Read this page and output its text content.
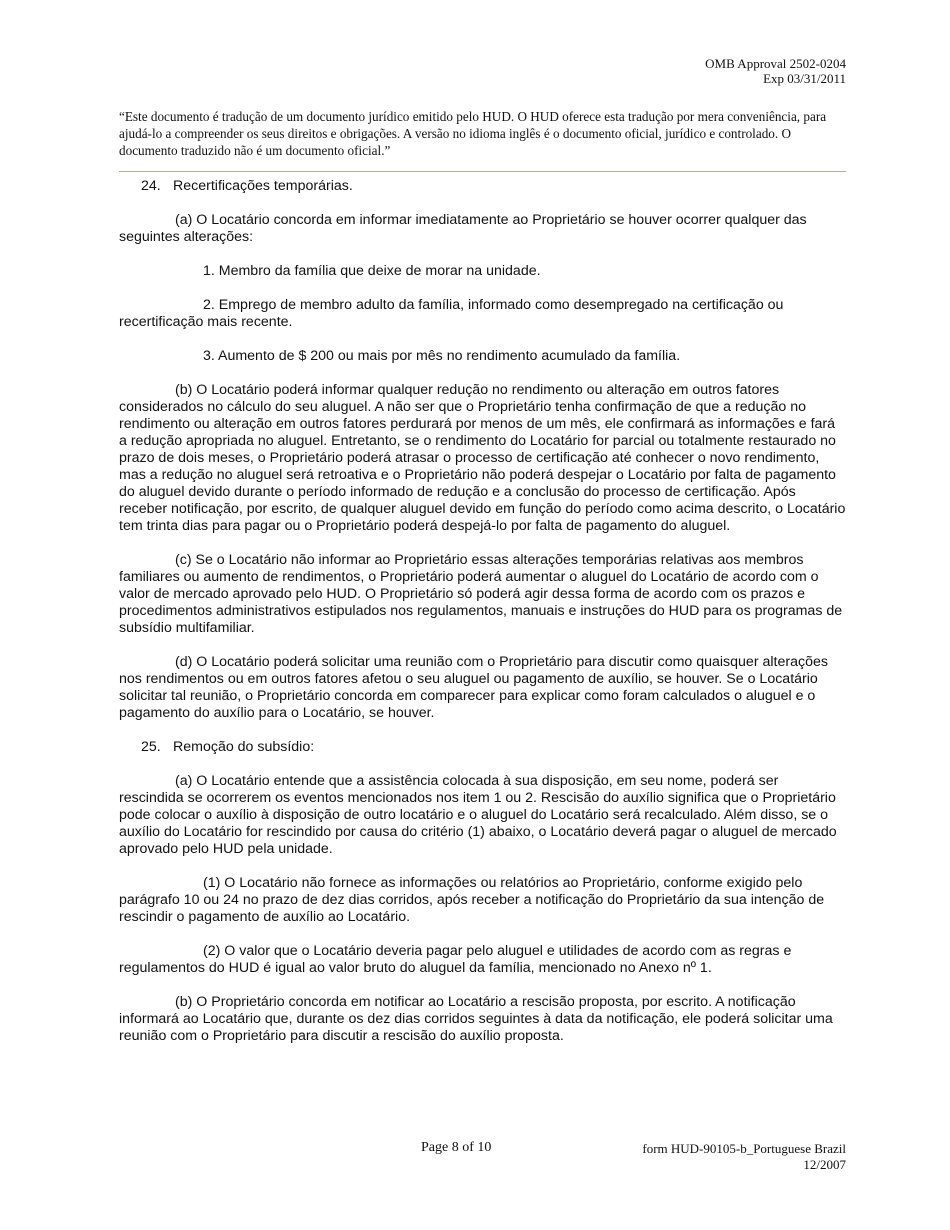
OMB Approval 2502-0204
Exp 03/31/2011
“Este documento é tradução de um documento jurídico emitido pelo HUD. O HUD oferece esta tradução por mera conveniência, para ajudá-lo a compreender os seus direitos e obrigações. A versão no idioma inglês é o documento oficial, jurídico e controlado. O documento traduzido não é um documento oficial.”

24. Recertificações temporárias.

(a) O Locatário concorda em informar imediatamente ao Proprietário se houver ocorrer qualquer das seguintes alterações:

1. Membro da família que deixe de morar na unidade.

2. Emprego de membro adulto da família, informado como desempregado na certificação ou recertificação mais recente.

3. Aumento de $ 200 ou mais por mês no rendimento acumulado da família.

(b) O Locatário poderá informar qualquer redução no rendimento ou alteração em outros fatores considerados no cálculo do seu aluguel. A não ser que o Proprietário tenha confirmação de que a redução no rendimento ou alteração em outros fatores perdurará por menos de um mês, ele confirmará as informações e fará a redução apropriada no aluguel. Entretanto, se o rendimento do Locatário for parcial ou totalmente restaurado no prazo de dois meses, o Proprietário poderá atrasar o processo de certificação até conhecer o novo rendimento, mas a redução no aluguel será retroativa e o Proprietário não poderá despejar o Locatário por falta de pagamento do aluguel devido durante o período informado de redução e a conclusão do processo de certificação. Após receber notificação, por escrito, de qualquer aluguel devido em função do período como acima descrito, o Locatário tem trinta dias para pagar ou o Proprietário poderá despejá-lo por falta de pagamento do aluguel.

(c) Se o Locatário não informar ao Proprietário essas alterações temporárias relativas aos membros familiares ou aumento de rendimentos, o Proprietário poderá aumentar o aluguel do Locatário de acordo com o valor de mercado aprovado pelo HUD. O Proprietário só poderá agir dessa forma de acordo com os prazos e procedimentos administrativos estipulados nos regulamentos, manuais e instruções do HUD para os programas de subsídio multifamiliar.

(d) O Locatário poderá solicitar uma reunião com o Proprietário para discutir como quaisquer alterações nos rendimentos ou em outros fatores afetou o seu aluguel ou pagamento de auxílio, se houver. Se o Locatário solicitar tal reunião, o Proprietário concorda em comparecer para explicar como foram calculados o aluguel e o pagamento do auxílio para o Locatário, se houver.

25. Remoção do subsídio:

(a) O Locatário entende que a assistência colocada à sua disposição, em seu nome, poderá ser rescindida se ocorrerem os eventos mencionados nos item 1 ou 2. Rescisão do auxílio significa que o Proprietário pode colocar o auxílio à disposição de outro locatário e o aluguel do Locatário será recalculado. Além disso, se o auxílio do Locatário for rescindido por causa do critério (1) abaixo, o Locatário deverá pagar o aluguel de mercado aprovado pelo HUD pela unidade.

(1) O Locatário não fornece as informações ou relatórios ao Proprietário, conforme exigido pelo parágrafo 10 ou 24 no prazo de dez dias corridos, após receber a notificação do Proprietário da sua intenção de rescindir o pagamento de auxílio ao Locatário.

(2) O valor que o Locatário deveria pagar pelo aluguel e utilidades de acordo com as regras e regulamentos do HUD é igual ao valor bruto do aluguel da família, mencionado no Anexo nº 1.

(b) O Proprietário concorda em notificar ao Locatário a rescisão proposta, por escrito. A notificação informará ao Locatário que, durante os dez dias corridos seguintes à data da notificação, ele poderá solicitar uma reunião com o Proprietário para discutir a rescisão do auxílio proposta.

Page 8 of 10	form HUD-90105-b_Portuguese Brazil
12/2007
